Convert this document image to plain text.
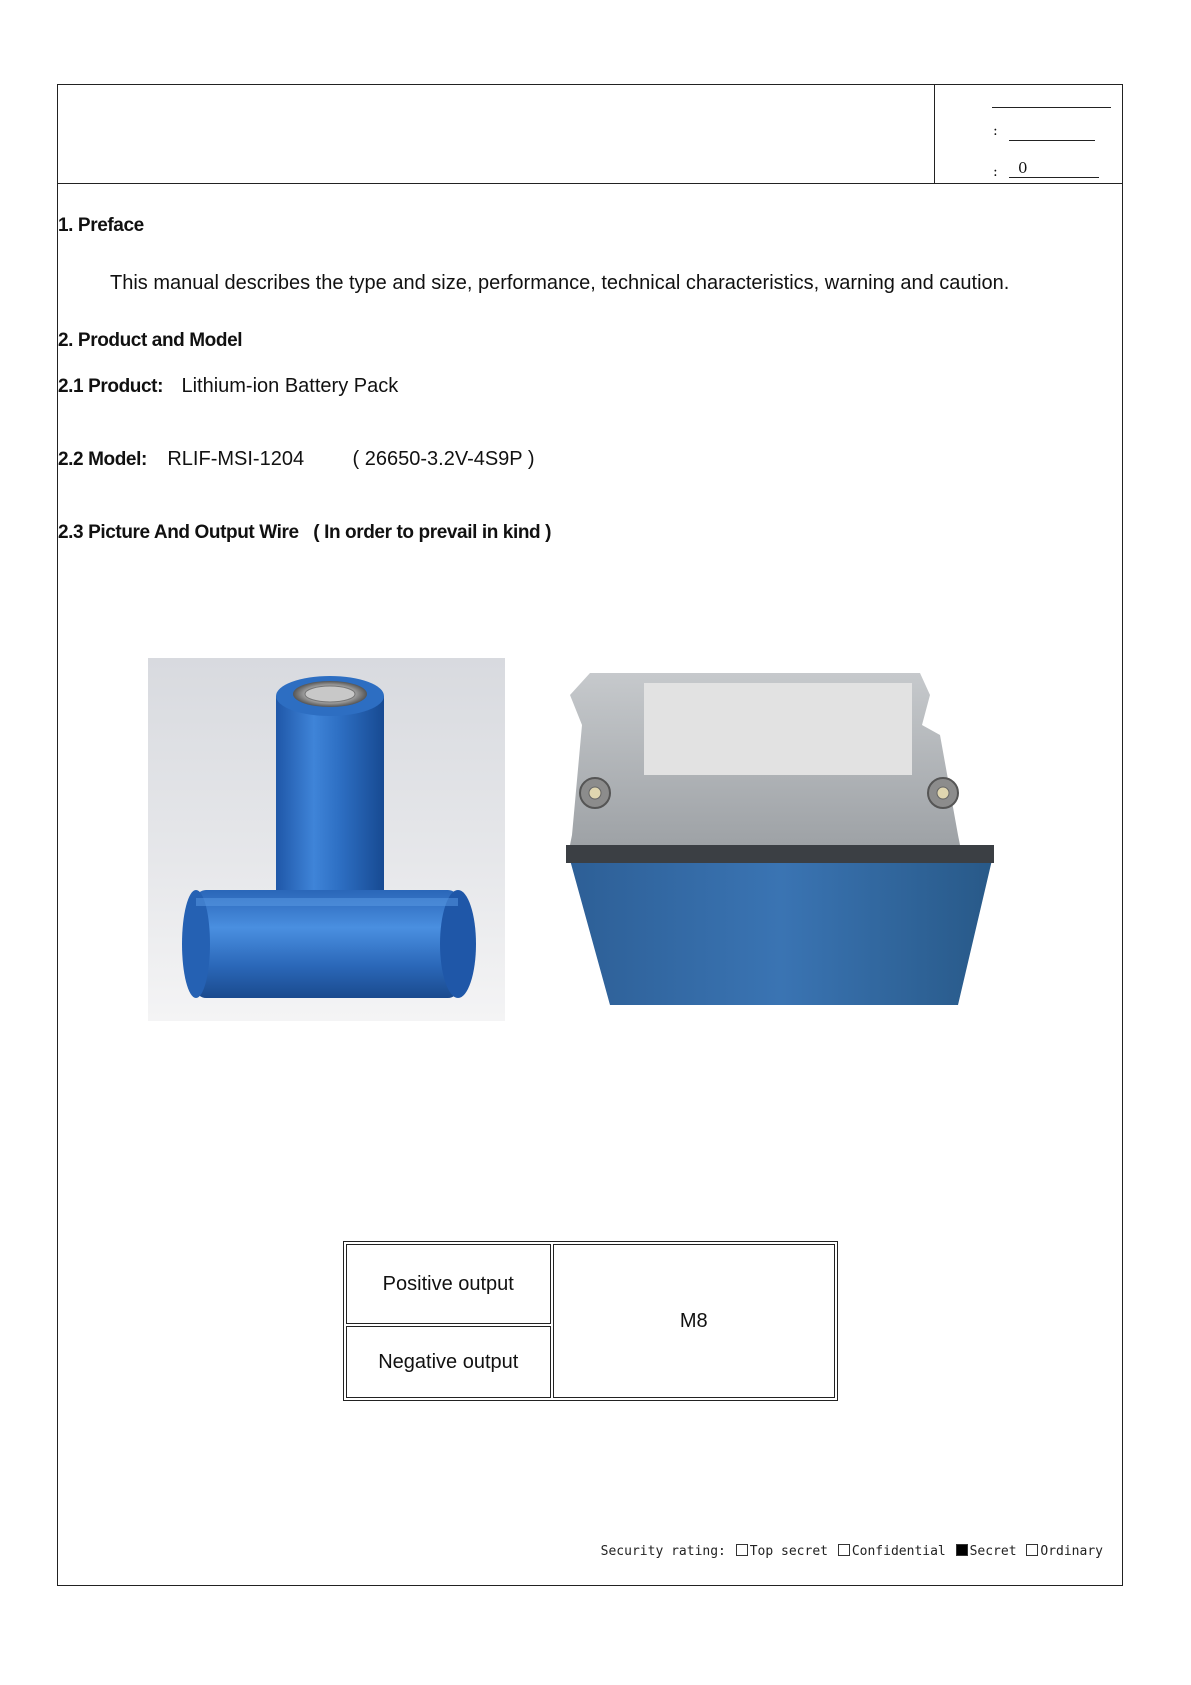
:
: 0
1. Preface
This manual describes the type and size, performance, technical characteristics, warning and caution.
2. Product and Model
2.1 Product: Lithium-ion Battery Pack
2.2 Model: RLIF-MSI-1204 ( 26650-3.2V-4S9P )
2.3 Picture And Output Wire   ( In order to prevail in kind )
Positive output	M8
Negative output
Security rating: Top secret Confidential Secret Ordinary
